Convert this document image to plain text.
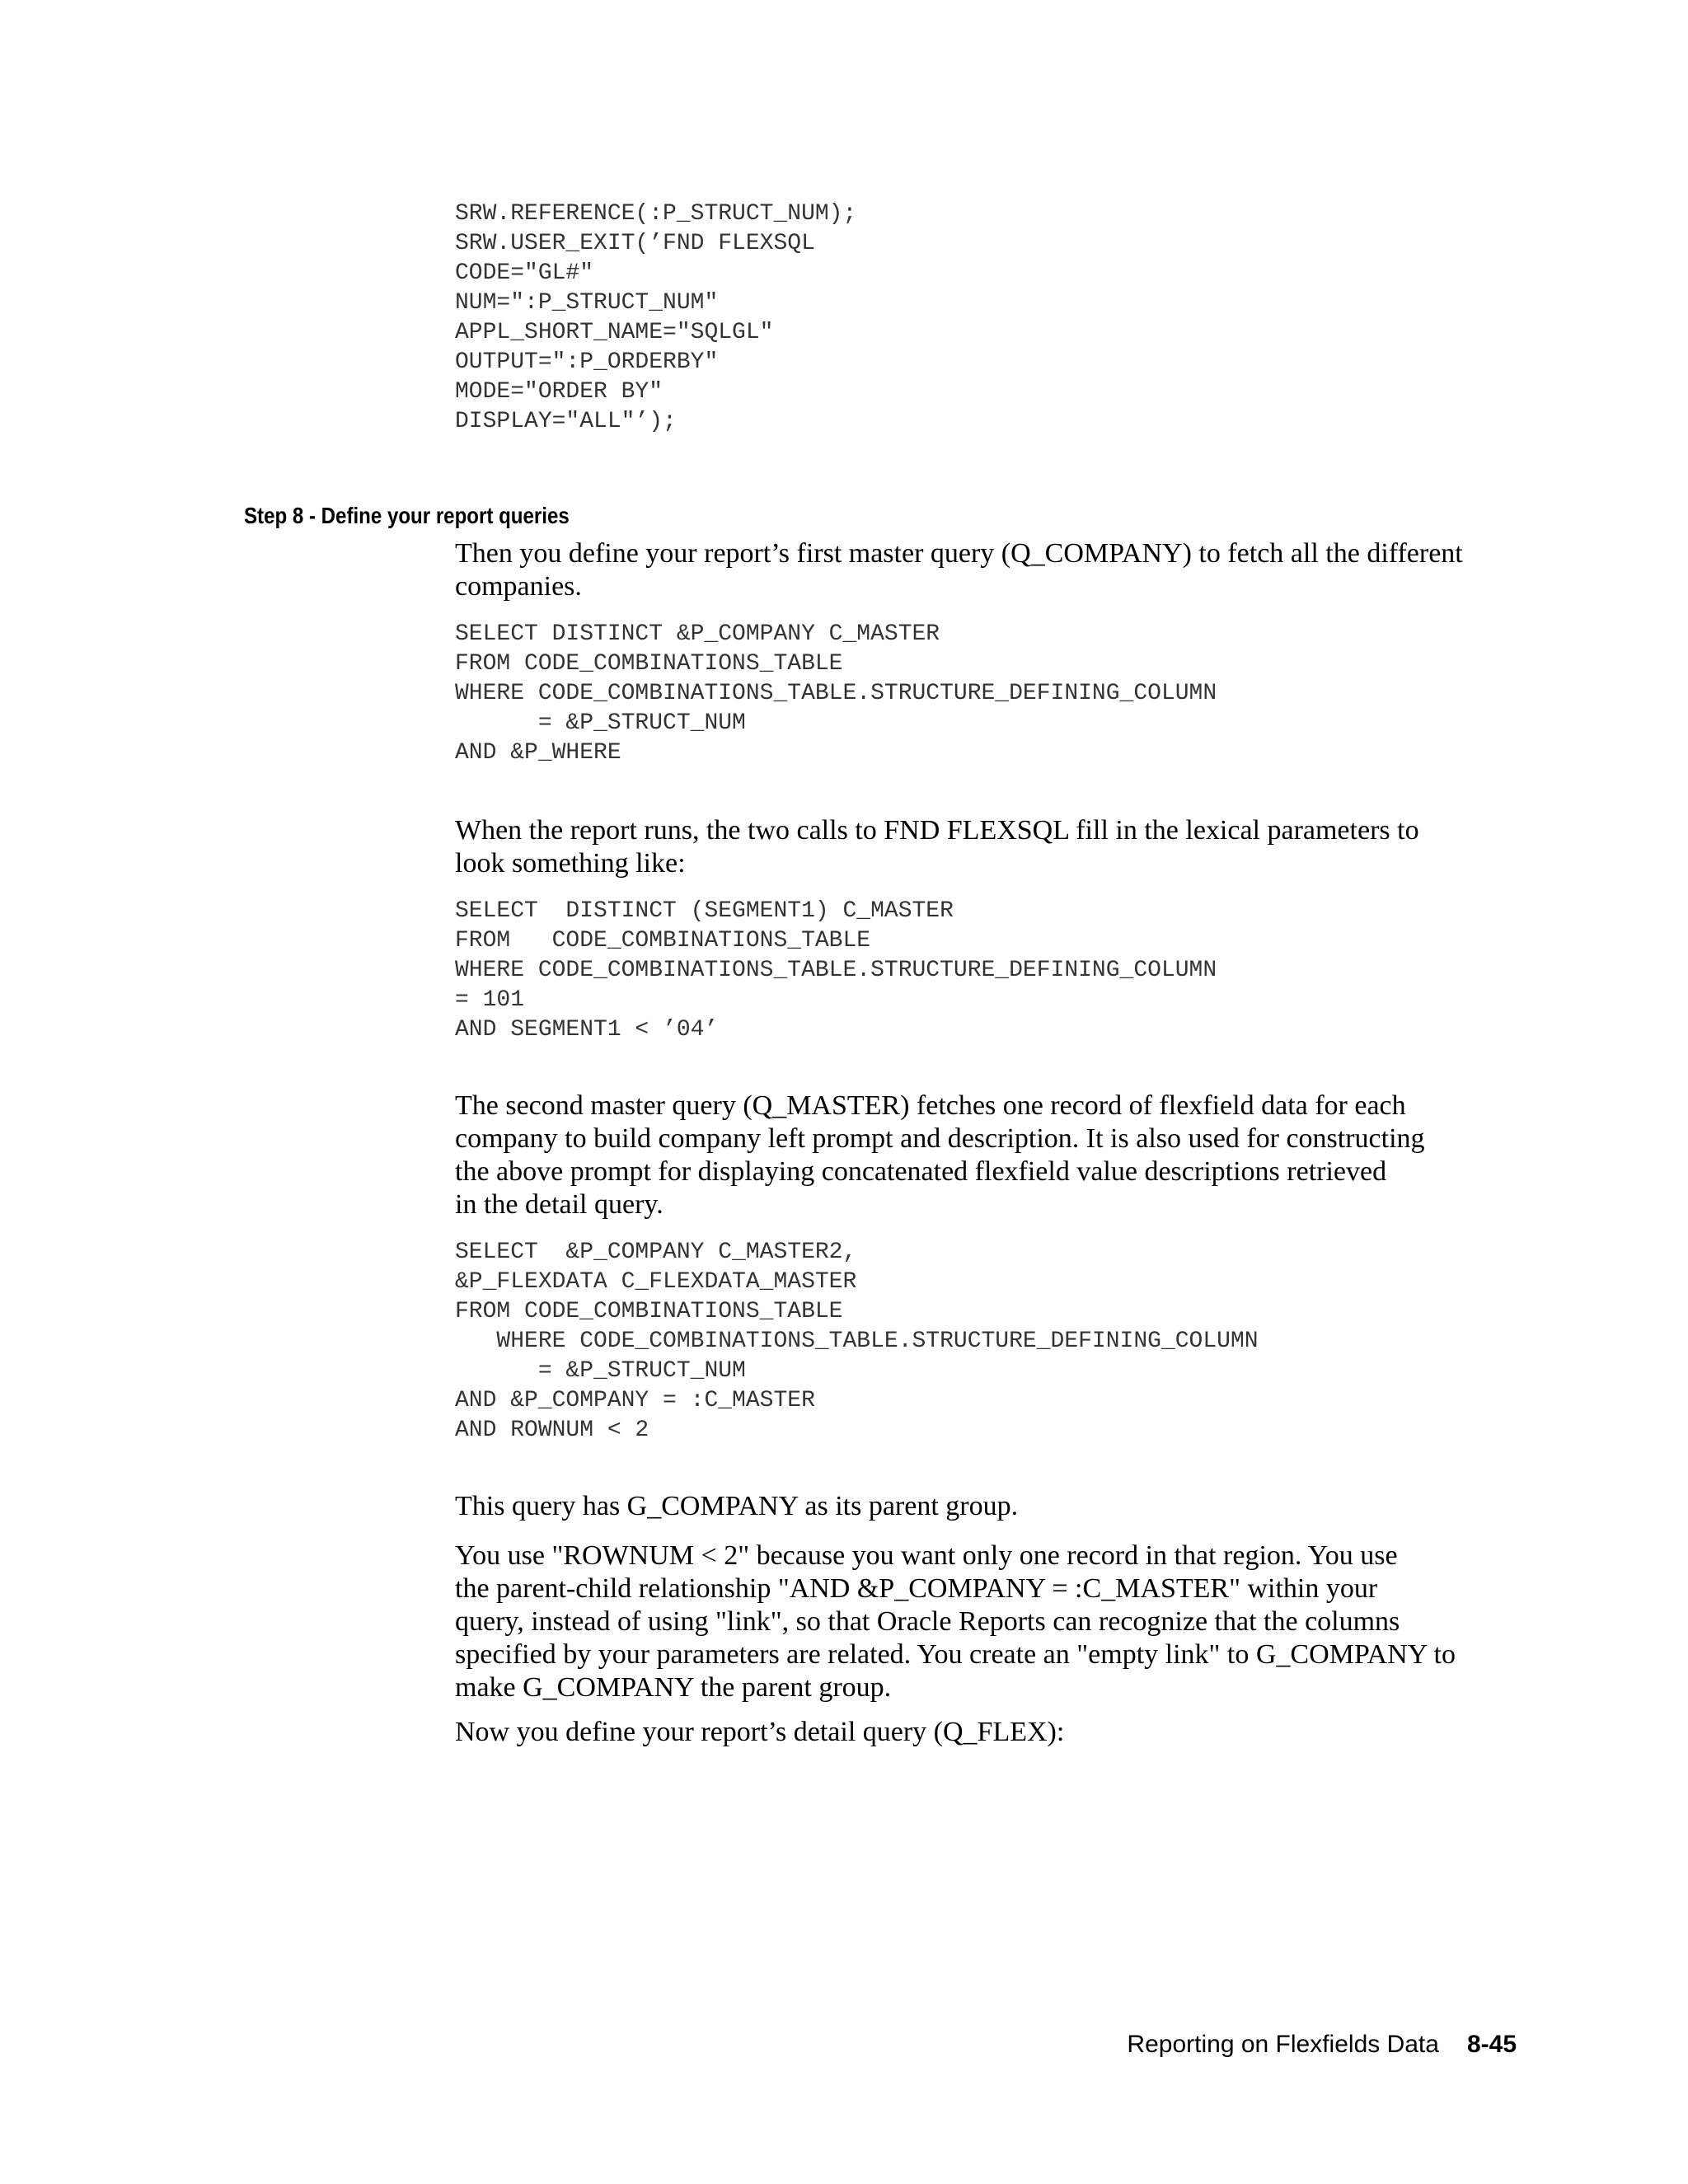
SRW.REFERENCE(:P_STRUCT_NUM);
SRW.USER_EXIT(’FND FLEXSQL
CODE="GL#"
NUM=":P_STRUCT_NUM"
APPL_SHORT_NAME="SQLGL"
OUTPUT=":P_ORDERBY"
MODE="ORDER BY"
DISPLAY="ALL"’);
Step 8 - Define your report queries
Then you define your report’s first master query (Q_COMPANY) to fetch all the different
companies.
SELECT DISTINCT &P_COMPANY C_MASTER
FROM CODE_COMBINATIONS_TABLE
WHERE CODE_COMBINATIONS_TABLE.STRUCTURE_DEFINING_COLUMN
= &P_STRUCT_NUM
AND &P_WHERE
When the report runs, the two calls to FND FLEXSQL fill in the lexical parameters to
look something like:
SELECT  DISTINCT (SEGMENT1) C_MASTER
FROM   CODE_COMBINATIONS_TABLE
WHERE CODE_COMBINATIONS_TABLE.STRUCTURE_DEFINING_COLUMN
= 101
AND SEGMENT1 < ’04’
The second master query (Q_MASTER) fetches one record of flexfield data for each
company to build company left prompt and description. It is also used for constructing
the above prompt for displaying concatenated flexfield value descriptions retrieved
in the detail query.
SELECT  &P_COMPANY C_MASTER2,
&P_FLEXDATA C_FLEXDATA_MASTER
FROM CODE_COMBINATIONS_TABLE
WHERE CODE_COMBINATIONS_TABLE.STRUCTURE_DEFINING_COLUMN
= &P_STRUCT_NUM
AND &P_COMPANY = :C_MASTER
AND ROWNUM < 2
This query has G_COMPANY as its parent group.
You use "ROWNUM < 2" because you want only one record in that region. You use
the parent-child relationship "AND &P_COMPANY = :C_MASTER" within your
query, instead of using "link", so that Oracle Reports can recognize that the columns
specified by your parameters are related. You create an "empty link" to G_COMPANY to
make G_COMPANY the parent group.
Now you define your report’s detail query (Q_FLEX):
Reporting on Flexfields Data 8-45
